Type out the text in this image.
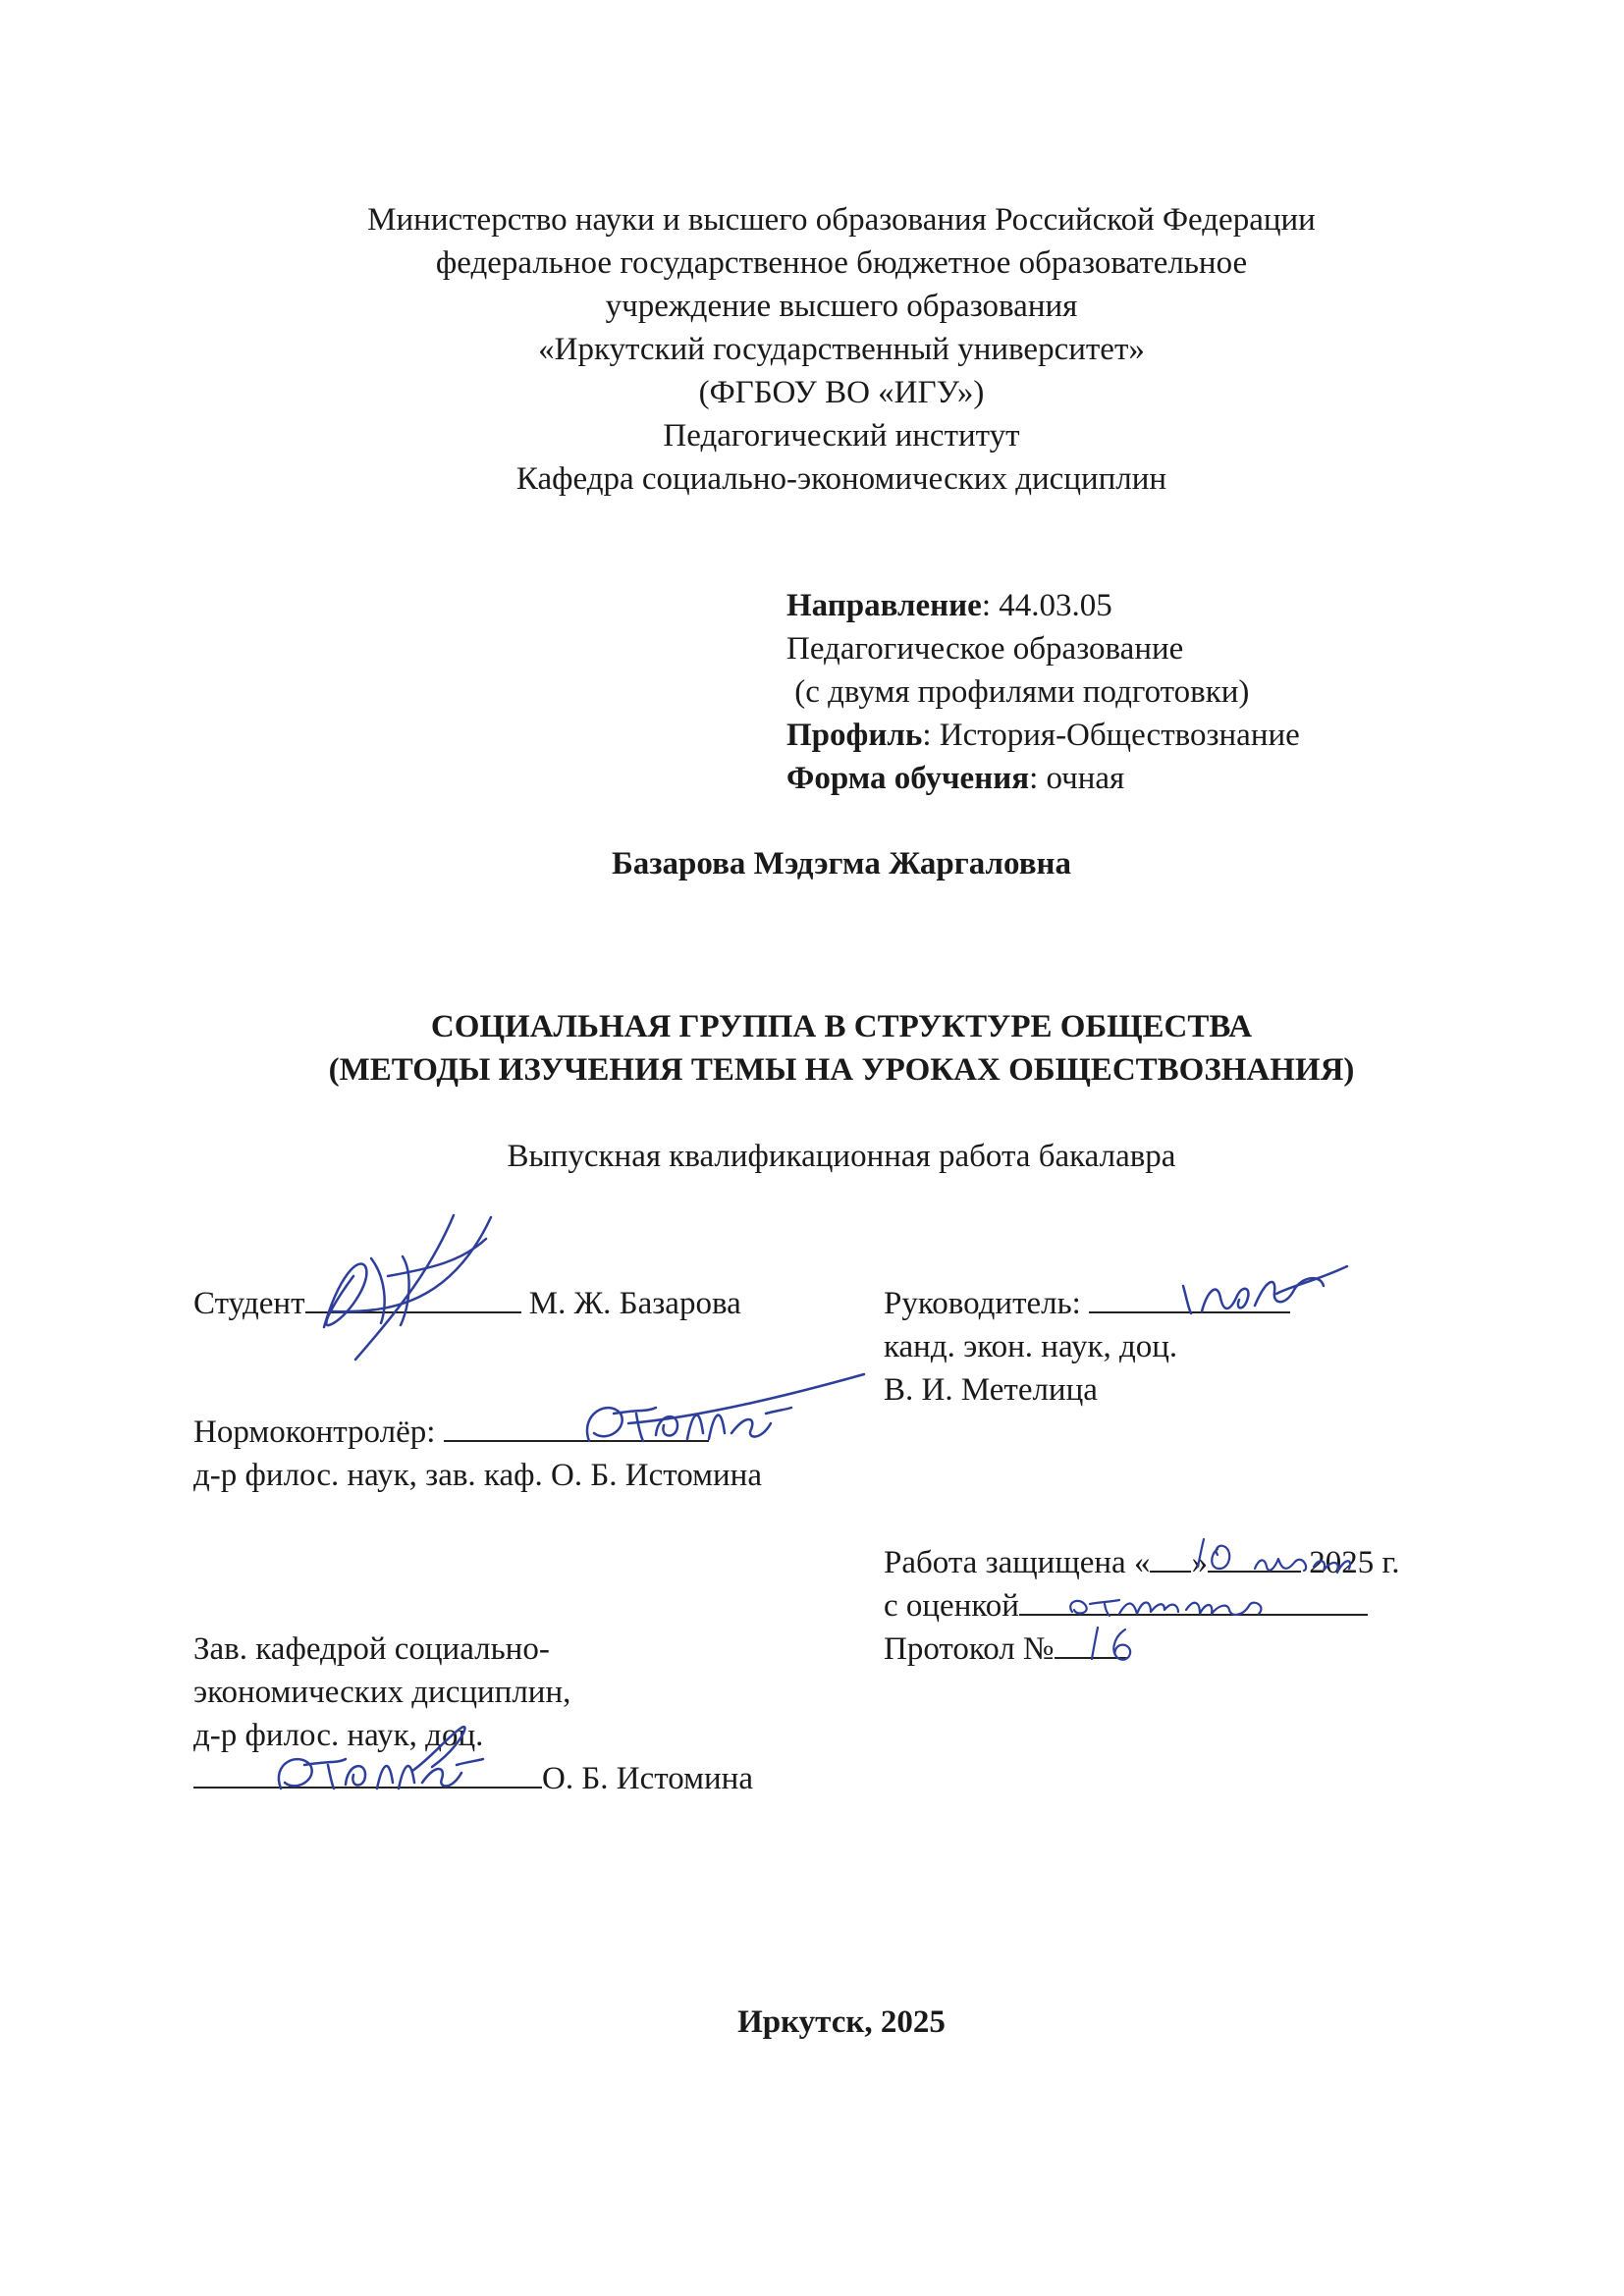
Министерство науки и высшего образования Российской Федерации
федеральное государственное бюджетное образовательное
учреждение высшего образования
«Иркутский государственный университет»
(ФГБОУ ВО «ИГУ»)
Педагогический институт
Кафедра социально-экономических дисциплин
Направление: 44.03.05
Педагогическое образование
(с двумя профилями подготовки)
Профиль: История-Обществознание
Форма обучения: очная
Базарова Мэдэгма Жаргаловна
СОЦИАЛЬНАЯ ГРУППА В СТРУКТУРЕ ОБЩЕСТВА
(МЕТОДЫ ИЗУЧЕНИЯ ТЕМЫ НА УРОКАХ ОБЩЕСТВОЗНАНИЯ)
Выпускная квалификационная работа бакалавра
Студент	М. Ж. Базарова	Руководитель:
канд. экон. наук, доц.
В. И. Метелица
Нормоконтролёр:
д-р филос. наук, зав. каф. О. Б. Истомина
Работа защищена « »	2025 г.
с оценкой
Протокол №
Зав. кафедрой социально-
экономических дисциплин,
д-р филос. наук, доц.
О. Б. Истомина
Иркутск, 2025
